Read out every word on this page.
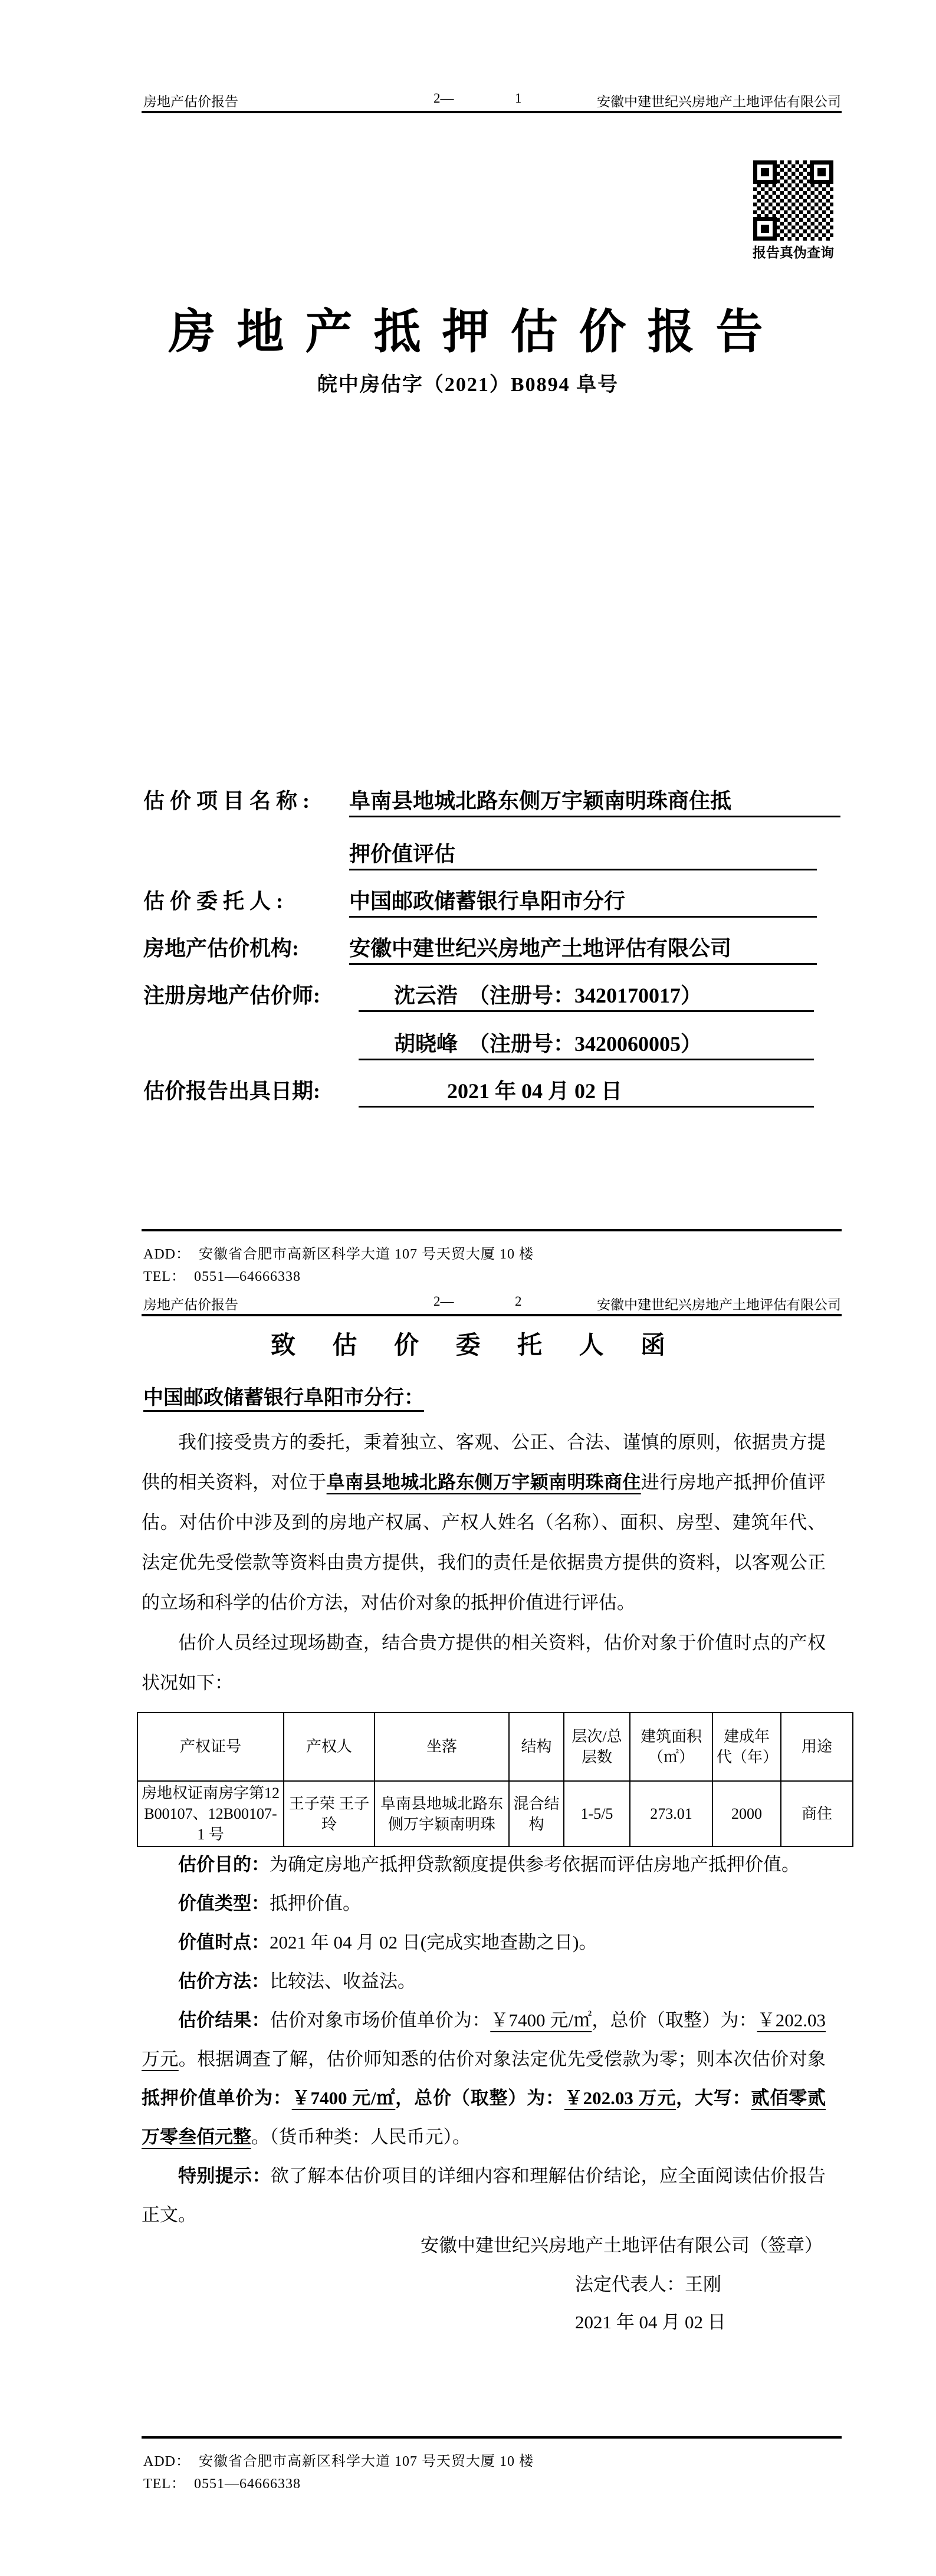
房地产估价报告	2—	1	安徽中建世纪兴房地产土地评估有限公司
报告真伪查询
房 地 产 抵 押 估 价 报 告
皖中房估字（2021）B0894 阜号
估 价 项 目 名 称 : 阜南县地城北路东侧万宇颖南明珠商住抵
押价值评估
估 价 委 托 人 :	中国邮政储蓄银行阜阳市分行
房地产估价机构: 安徽中建世纪兴房地产土地评估有限公司
注册房地产估价师:	沈云浩　（注册号：3420170017）
胡晓峰　（注册号：3420060005）
估价报告出具日期:	2021 年 04 月 02 日
ADD： 安徽省合肥市高新区科学大道 107 号天贸大厦 10 楼
TEL： 0551—64666338
房地产估价报告	2—	2	安徽中建世纪兴房地产土地评估有限公司
致 估 价 委 托 人 函
中国邮政储蓄银行阜阳市分行：

我们接受贵方的委托，秉着独立、客观、公正、合法、谨慎的原则，依据贵方提供的相关资料，对位于阜南县地城北路东侧万宇颖南明珠商住进行房地产抵押价值评估。对估价中涉及到的房地产权属、产权人姓名（名称）、面积、房型、建筑年代、法定优先受偿款等资料由贵方提供，我们的责任是依据贵方提供的资料，以客观公正的立场和科学的估价方法，对估价对象的抵押价值进行评估。

估价人员经过现场勘查，结合贵方提供的相关资料，估价对象于价值时点的产权状况如下：

产权证号	产权人	坐落	结构	层次/总层数	建筑面积（㎡）	建成年代（年）	用途
房地权证南房字第12B00107、12B00107-1 号	王子荣 王子玲	阜南县地城北路东侧万宇颖南明珠	混合结构	1-5/5	273.01	2000	商住

估价目的：为确定房地产抵押贷款额度提供参考依据而评估房地产抵押价值。

价值类型：抵押价值。

价值时点：2021 年 04 月 02 日(完成实地查勘之日)。

估价方法：比较法、收益法。

估价结果：估价对象市场价值单价为：￥7400 元/㎡，总价（取整）为：￥202.03万元。根据调查了解，估价师知悉的估价对象法定优先受偿款为零；则本次估价对象抵押价值单价为：￥7400 元/㎡，总价（取整）为：￥202.03 万元，大写：贰佰零贰万零叁佰元整。（货币种类：人民币元）。

特别提示：欲了解本估价项目的详细内容和理解估价结论，应全面阅读估价报告正文。

安徽中建世纪兴房地产土地评估有限公司（签章）
法定代表人：王刚
2021 年 04 月 02 日
ADD： 安徽省合肥市高新区科学大道 107 号天贸大厦 10 楼
TEL： 0551—64666338
